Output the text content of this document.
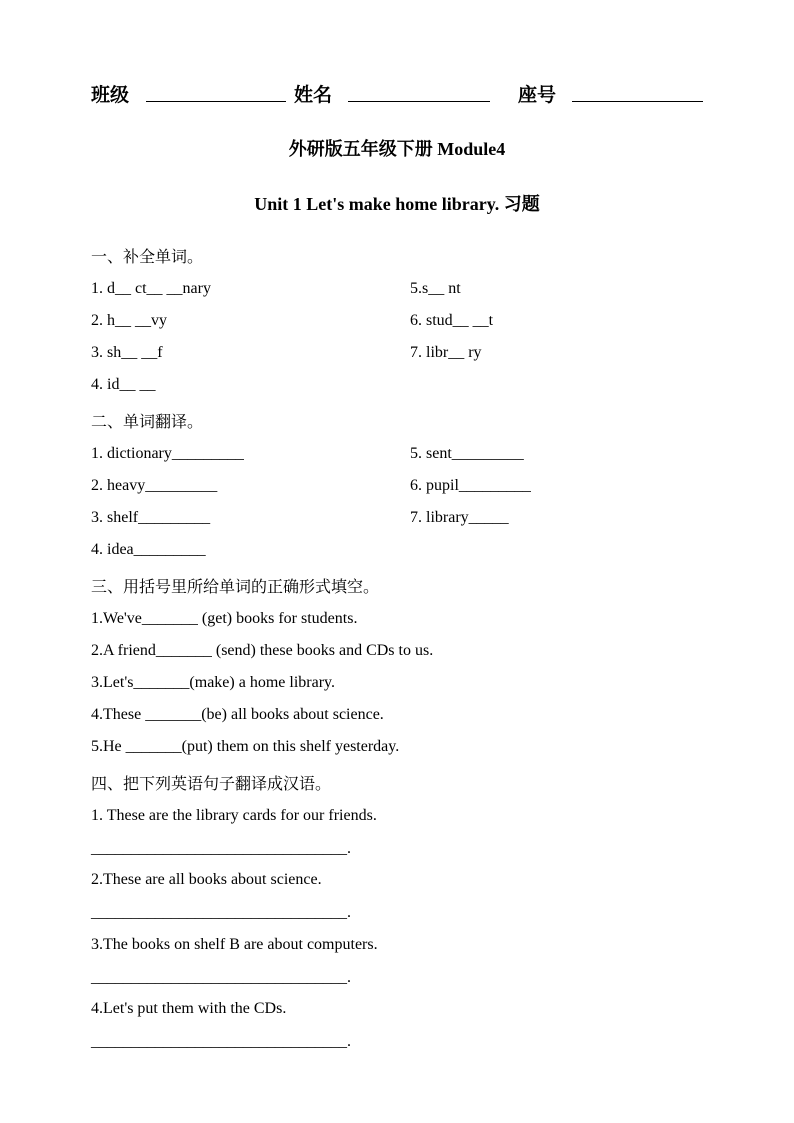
班级	姓名	座号
外研版五年级下册 Module4
Unit 1 Let's make home library. 习题
一、补全单词。
1. d__ ct__ __nary
2. h__ __vy
3. sh__ __f
4. id__ __
5.s__ nt
6. stud__ __t
7. libr__ ry
二、单词翻译。
1. dictionary_________
2. heavy_________
3. shelf_________
4. idea_________
5. sent_________
6. pupil_________
7. library_____
三、用括号里所给单词的正确形式填空。
1.We've_______ (get) books for students.
2.A friend_______ (send) these books and CDs to us.
3.Let's_______(make) a home library.
4.These _______(be) all books about science.
5.He _______(put) them on this shelf yesterday.
四、把下列英语句子翻译成汉语。
1. These are the library cards for our friends.
________________________________.
2.These are all books about science.
________________________________.
3.The books on shelf B are about computers.
________________________________.
4.Let's put them with the CDs.
________________________________.
